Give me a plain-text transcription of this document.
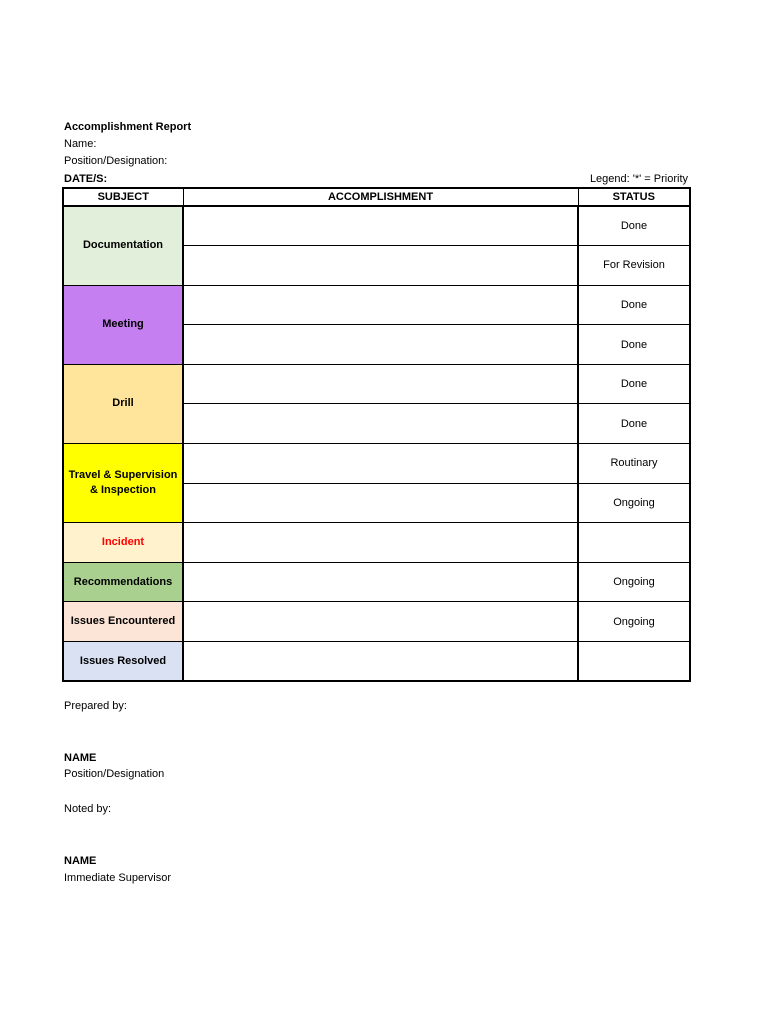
Accomplishment Report
Name:
Position/Designation:
DATE/S:	Legend: '*' = Priority
SUBJECT	ACCOMPLISHMENT	STATUS
Documentation		Done
		For Revision
Meeting		Done
		Done
Drill		Done
		Done
Travel & Supervision & Inspection		Routinary
		Ongoing
Incident		
Recommendations		Ongoing
Issues Encountered		Ongoing
Issues Resolved		
Prepared by:
NAME
Position/Designation
Noted by:
NAME
Immediate Supervisor
